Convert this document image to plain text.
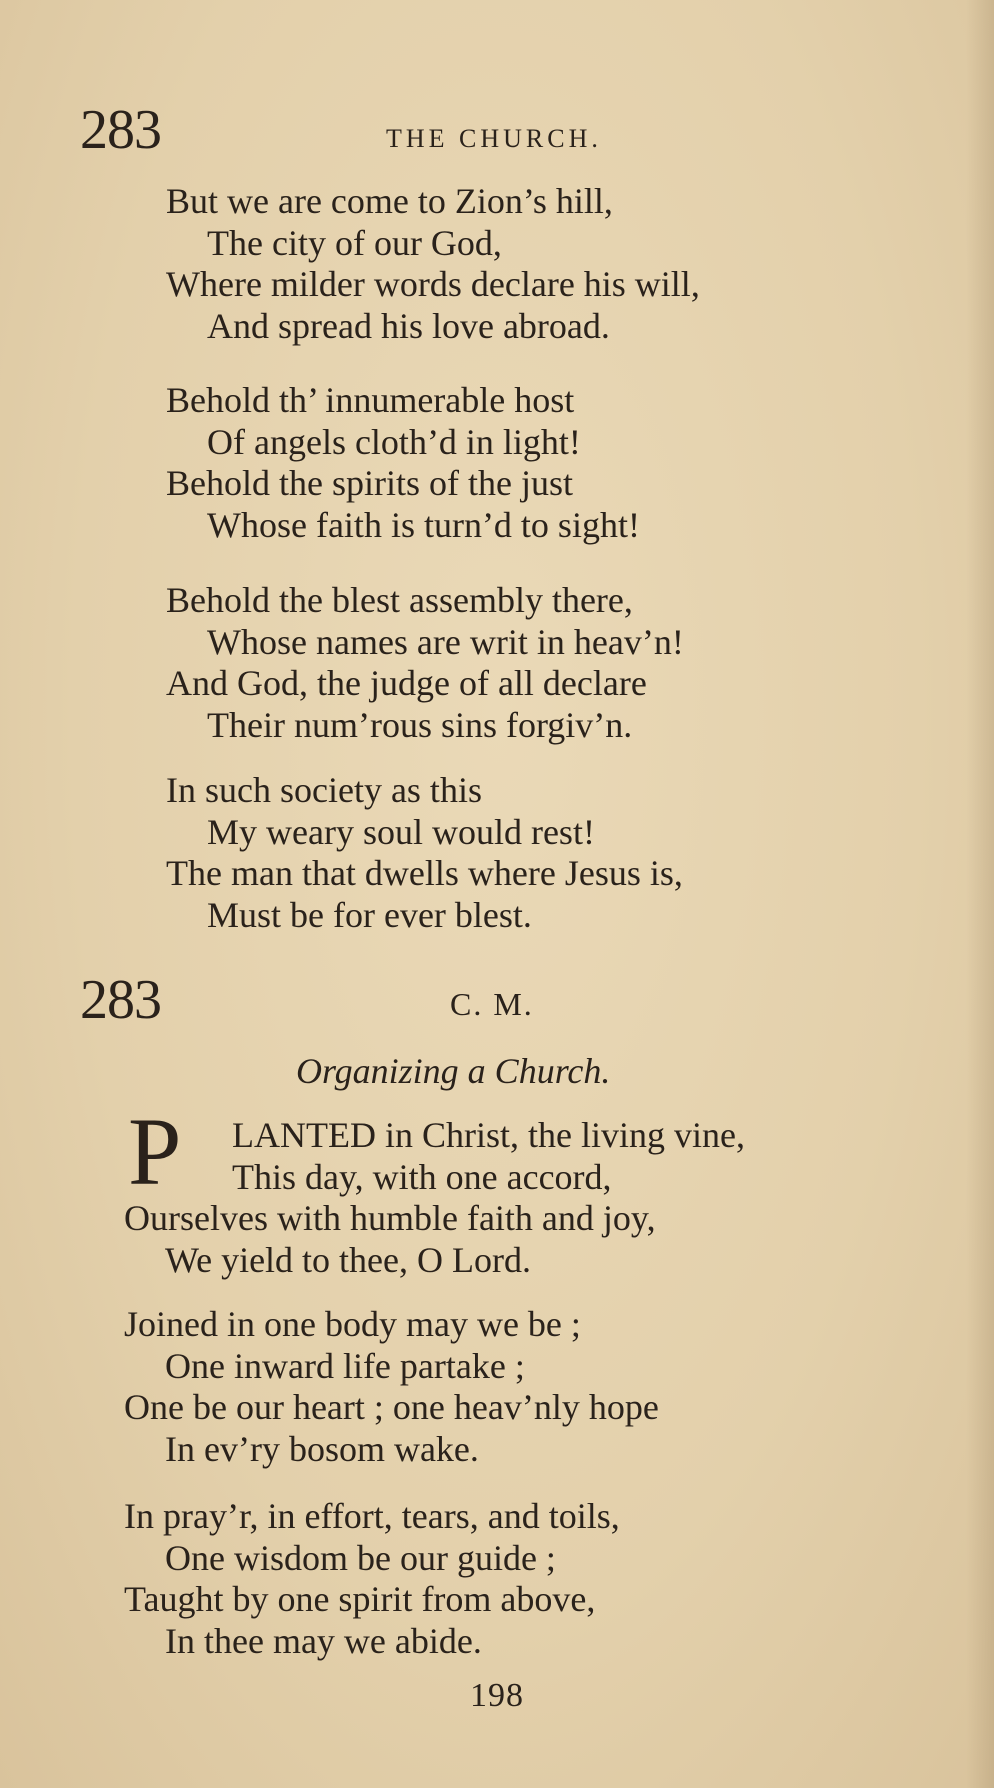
283	THE CHURCH.
But we are come to Zion’s hill,
The city of our God,
Where milder words declare his will,
And spread his love abroad.
Behold th’ innumerable host
Of angels cloth’d in light!
Behold the spirits of the just
Whose faith is turn’d to sight!
Behold the blest assembly there,
Whose names are writ in heav’n!
And God, the judge of all declare
Their num’rous sins forgiv’n.
In such society as this
My weary soul would rest!
The man that dwells where Jesus is,
Must be for ever blest.
283	C. M.
Organizing a Church.
P LANTED in Christ, the living vine,
This day, with one accord,
Ourselves with humble faith and joy,
We yield to thee, O Lord.
Joined in one body may we be ;
One inward life partake ;
One be our heart ; one heav’nly hope
In ev’ry bosom wake.
In pray’r, in effort, tears, and toils,
One wisdom be our guide ;
Taught by one spirit from above,
In thee may we abide.
198
